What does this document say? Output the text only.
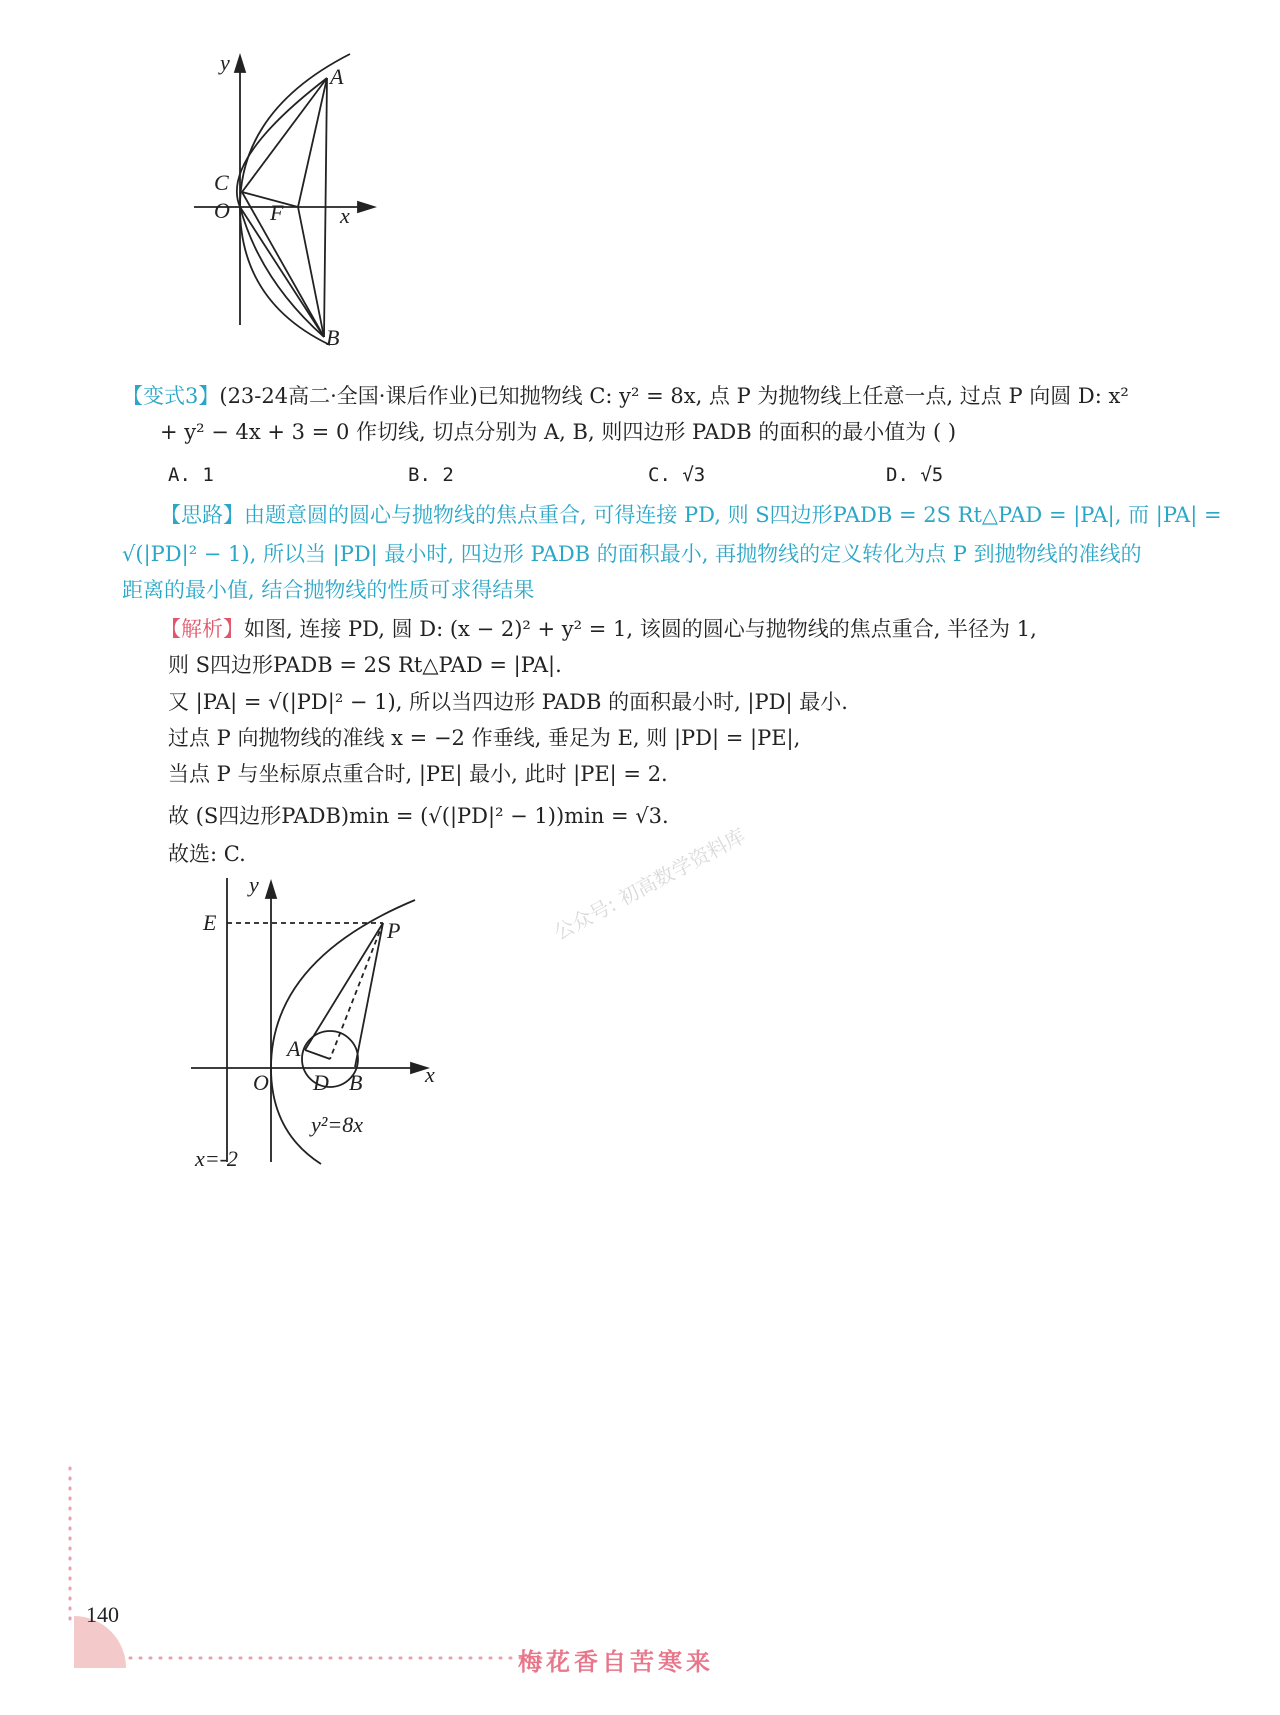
y
A
C
O F	x
B
【变式3】(23-24高二·全国·课后作业)已知抛物线 C: y² = 8x, 点 P 为抛物线上任意一点, 过点 P 向圆 D: x²
+ y² − 4x + 3 = 0 作切线, 切点分别为 A, B, 则四边形 PADB 的面积的最小值为 ( )
A. 1	B. 2	C. √3	D. √5
【思路】由题意圆的圆心与抛物线的焦点重合, 可得连接 PD, 则 S四边形PADB = 2S Rt△PAD = |PA|, 而 |PA| =
√(|PD|² − 1), 所以当 |PD| 最小时, 四边形 PADB 的面积最小, 再抛物线的定义转化为点 P 到抛物线的准线的
距离的最小值, 结合抛物线的性质可求得结果
【解析】如图, 连接 PD, 圆 D: (x − 2)² + y² = 1, 该圆的圆心与抛物线的焦点重合, 半径为 1,
则 S四边形PADB = 2S Rt△PAD = |PA|.
又 |PA| = √(|PD|² − 1), 所以当四边形 PADB 的面积最小时, |PD| 最小.
过点 P 向抛物线的准线 x = −2 作垂线, 垂足为 E, 则 |PD| = |PE|,
当点 P 与坐标原点重合时, |PE| 最小, 此时 |PE| = 2.
故 (S四边形PADB)min = (√(|PD|² − 1))min = √3.
故选: C.	公众号: 初高数学资料库
y
E	P
A
O D B	x
y²=8x
x=-2
140
梅花香自苦寒来
